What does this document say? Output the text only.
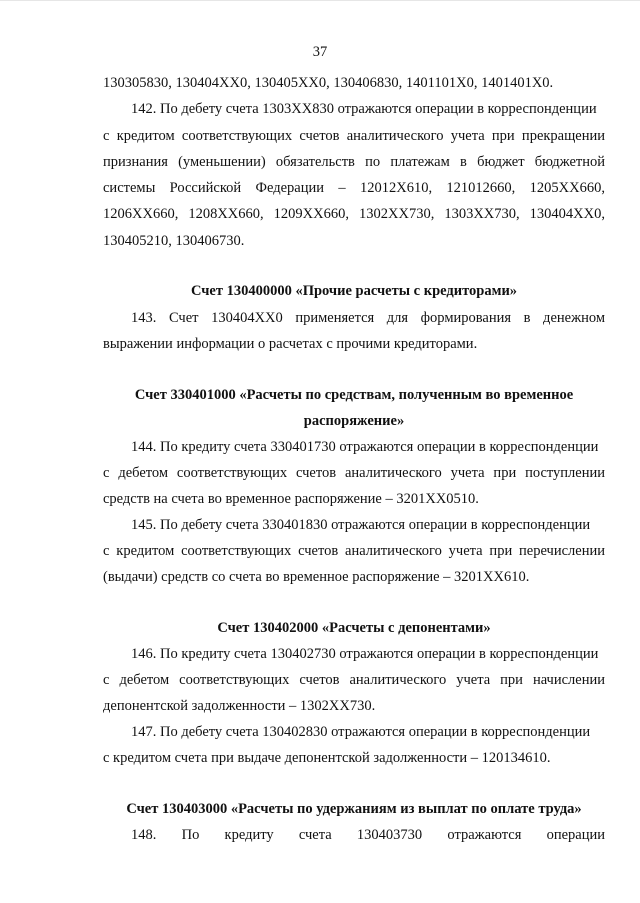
37
130305830, 130404ХХ0, 130405ХХ0, 130406830, 1401101Х0, 1401401Х0.
142. По дебету счета 1303ХХ830 отражаются операции в корреспонденции
с кредитом соответствующих счетов аналитического учета при прекращении
признания (уменьшении) обязательств по платежам в бюджет бюджетной
системы Российской Федерации – 12012Х610, 121012660, 1205ХХ660,
1206ХХ660, 1208ХХ660, 1209ХХ660, 1302ХХ730, 1303ХХ730, 130404ХХ0,
130405210, 130406730.
Счет 130400000 «Прочие расчеты с кредиторами»
143. Счет 130404ХХ0 применяется для формирования в денежном
выражении информации о расчетах с прочими кредиторами.
Счет 330401000 «Расчеты по средствам, полученным во временное
распоряжение»
144. По кредиту счета 330401730 отражаются операции в корреспонденции
с дебетом соответствующих счетов аналитического учета при поступлении
средств на счета во временное распоряжение – 3201ХХ0510.
145. По дебету счета 330401830 отражаются операции в корреспонденции
с кредитом соответствующих счетов аналитического учета при перечислении
(выдачи) средств со счета во временное распоряжение – 3201ХХ610.
Счет 130402000 «Расчеты с депонентами»
146. По кредиту счета 130402730 отражаются операции в корреспонденции
с дебетом соответствующих счетов аналитического учета при начислении
депонентской задолженности – 1302ХХ730.
147. По дебету счета 130402830 отражаются операции в корреспонденции
с кредитом счета при выдаче депонентской задолженности – 120134610.
Счет 130403000 «Расчеты по удержаниям из выплат по оплате труда»
148. По кредиту счета 130403730 отражаются операции
